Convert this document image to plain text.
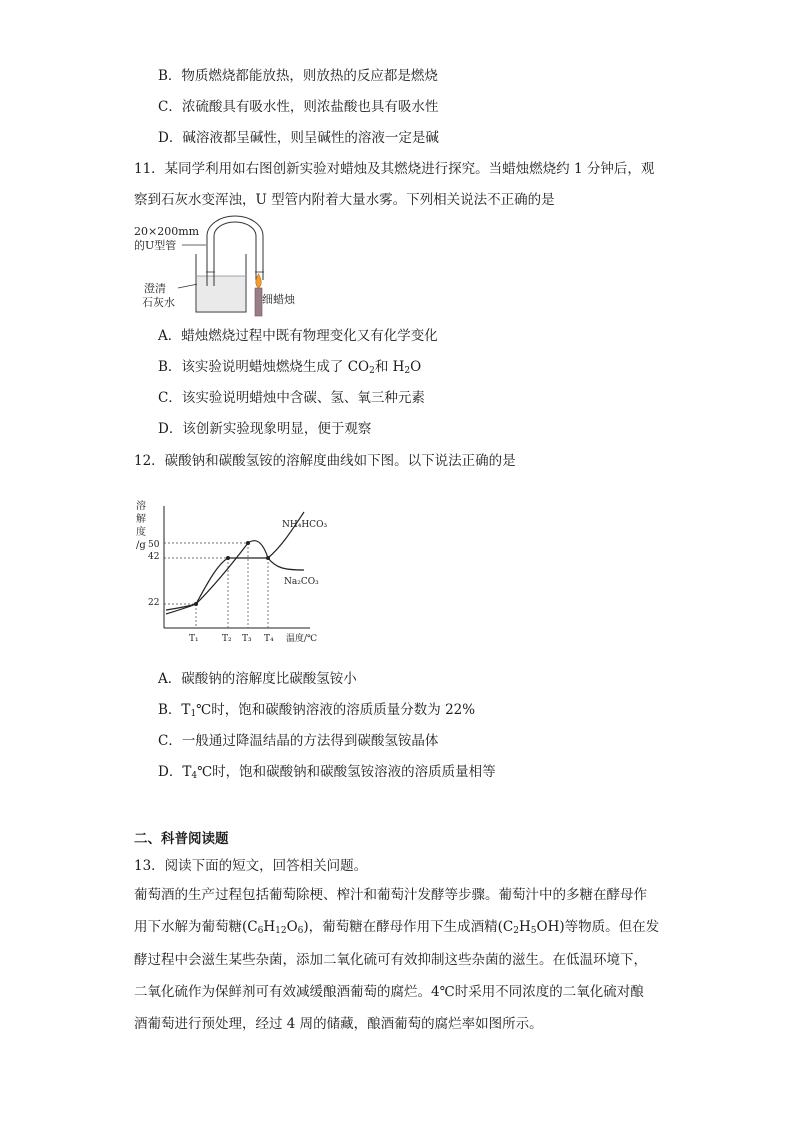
B．物质燃烧都能放热，则放热的反应都是燃烧
C．浓硫酸具有吸水性，则浓盐酸也具有吸水性
D．碱溶液都呈碱性，则呈碱性的溶液一定是碱
11．某同学利用如右图创新实验对蜡烛及其燃烧进行探究。当蜡烛燃烧约 1 分钟后，观
察到石灰水变浑浊，U 型管内附着大量水雾。下列相关说法不正确的是
20×200mm
的U型管
澄清
石灰水	细蜡烛
A．蜡烛燃烧过程中既有物理变化又有化学变化
B．该实验说明蜡烛燃烧生成了 $CO_2$和 $H_2O$
C．该实验说明蜡烛中含碳、氢、氧三种元素
D．该创新实验现象明显，便于观察
12．碳酸钠和碳酸氢铵的溶解度曲线如下图。以下说法正确的是
溶
解
度
/g 50
42
22
T₁	T₂ T₃ T₄ 温度/℃
NH₄HCO₃
Na₂CO₃
A．碳酸钠的溶解度比碳酸氢铵小
B．$T_1℃$时，饱和碳酸钠溶液的溶质质量分数为 22%
C．一般通过降温结晶的方法得到碳酸氢铵晶体
D．$T_4℃$时，饱和碳酸钠和碳酸氢铵溶液的溶质质量相等
二、科普阅读题
13．阅读下面的短文，回答相关问题。
葡萄酒的生产过程包括葡萄除梗、榨汁和葡萄汁发酵等步骤。葡萄汁中的多糖在酵母作
用下水解为葡萄糖$(C_6H_{12}O_6)$，葡萄糖在酵母作用下生成酒精$(C_2H_5OH)$等物质。但在发
酵过程中会滋生某些杂菌，添加二氧化硫可有效抑制这些杂菌的滋生。在低温环境下，
二氧化硫作为保鲜剂可有效减缓酿酒葡萄的腐烂。4℃时采用不同浓度的二氧化硫对酿
酒葡萄进行预处理，经过 4 周的储藏，酿酒葡萄的腐烂率如图所示。
